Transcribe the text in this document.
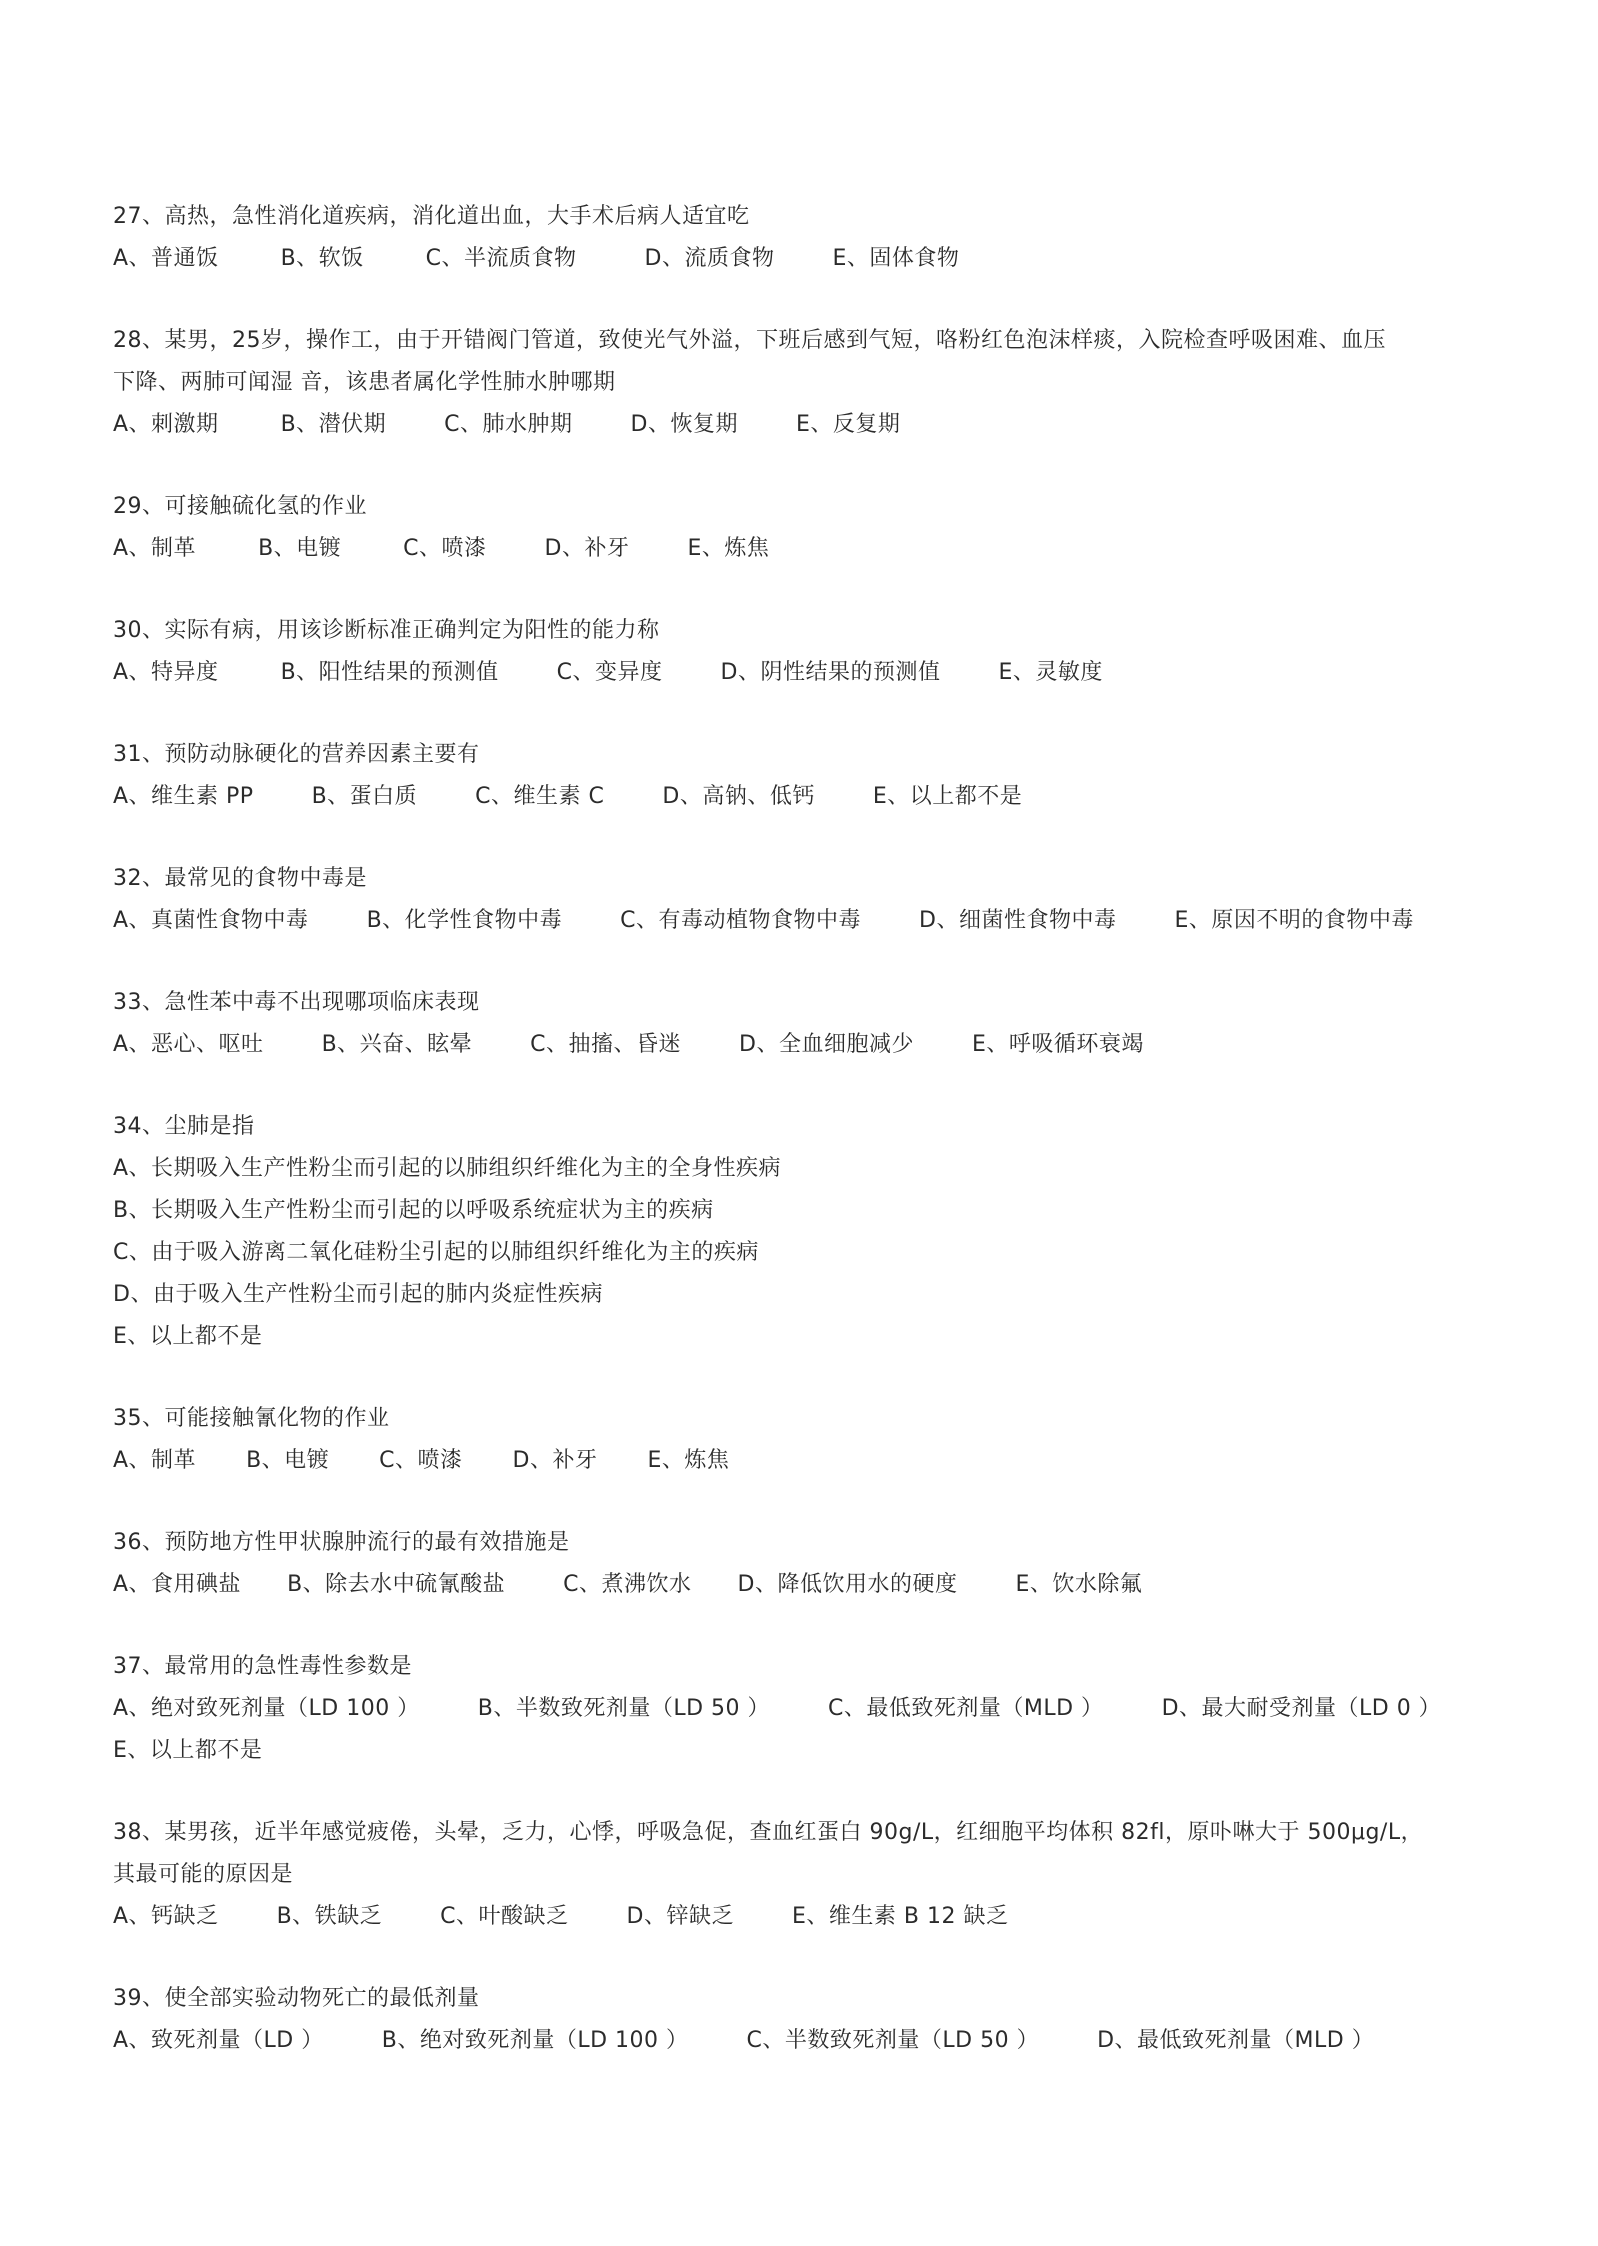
27、高热，急性消化道疾病，消化道出血，大手术后病人适宜吃
A、普通饭	B、软饭	C、半流质食物	D、流质食物	E、固体食物
28、某男，25岁，操作工，由于开错阀门管道，致使光气外溢，下班后感到气短，咯粉红色泡沫样痰，入院检查呼吸困难、血压
下降、两肺可闻湿 音，该患者属化学性肺水肿哪期
A、刺激期	B、潜伏期	C、肺水肿期	D、恢复期	E、反复期
29、可接触硫化氢的作业
A、制革	B、电镀	C、喷漆	D、补牙	E、炼焦
30、实际有病，用该诊断标准正确判定为阳性的能力称
A、特异度	B、阳性结果的预测值	C、变异度	D、阴性结果的预测值	E、灵敏度
31、预防动脉硬化的营养因素主要有
A、维生素 PP	B、蛋白质	C、维生素 C	D、高钠、低钙	E、以上都不是
32、最常见的食物中毒是
A、真菌性食物中毒	B、化学性食物中毒	C、有毒动植物食物中毒	D、细菌性食物中毒	E、原因不明的食物中毒
33、急性苯中毒不出现哪项临床表现
A、恶心、呕吐	B、兴奋、眩晕	C、抽搐、昏迷	D、全血细胞减少	E、呼吸循环衰竭
34、尘肺是指
A、长期吸入生产性粉尘而引起的以肺组织纤维化为主的全身性疾病
B、长期吸入生产性粉尘而引起的以呼吸系统症状为主的疾病
C、由于吸入游离二氧化硅粉尘引起的以肺组织纤维化为主的疾病
D、由于吸入生产性粉尘而引起的肺内炎症性疾病
E、以上都不是
35、可能接触氰化物的作业
A、制革 B、电镀 C、喷漆 D、补牙 E、炼焦
36、预防地方性甲状腺肿流行的最有效措施是
A、食用碘盐 B、除去水中硫氰酸盐	C、煮沸饮水 D、降低饮用水的硬度	E、饮水除氟
37、最常用的急性毒性参数是
A、绝对致死剂量（LD 100 ）	B、半数致死剂量（LD 50 ）	C、最低致死剂量（MLD ）	D、最大耐受剂量（LD 0 ）
E、以上都不是
38、某男孩，近半年感觉疲倦，头晕，乏力，心悸，呼吸急促，查血红蛋白 90g/L，红细胞平均体积 82fl，原卟啉大于 500μg/L，
其最可能的原因是
A、钙缺乏	B、铁缺乏	C、叶酸缺乏	D、锌缺乏	E、维生素 B 12 缺乏
39、使全部实验动物死亡的最低剂量
A、致死剂量（LD ）	B、绝对致死剂量（LD 100 ）	C、半数致死剂量（LD 50 ）	D、最低致死剂量（MLD ）
